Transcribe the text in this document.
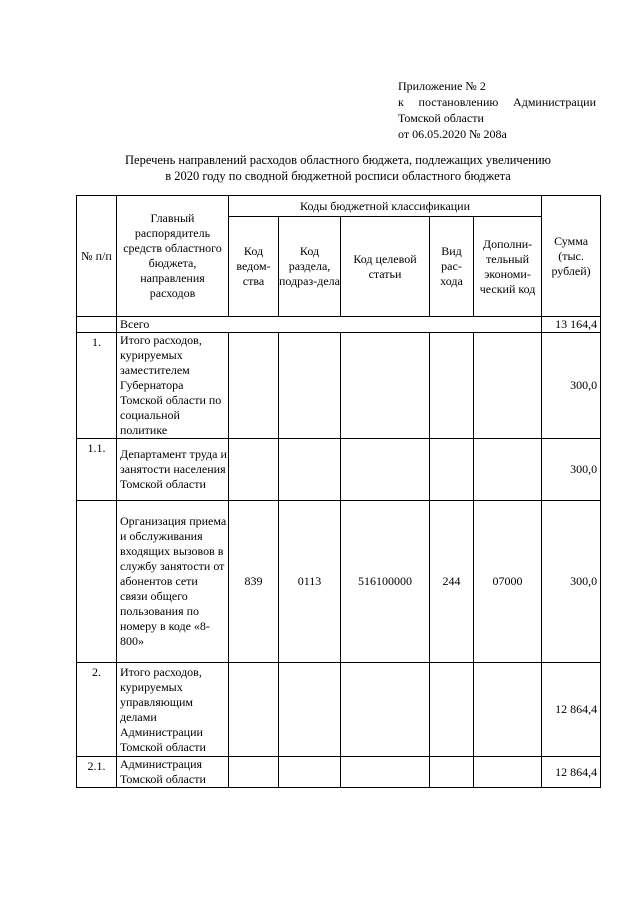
Приложение № 2
к постановлению Администрации
Томской области
от 06.05.2020 № 208а
Перечень направлений расходов областного бюджета, подлежащих увеличению
в 2020 году по сводной бюджетной росписи областного бюджета
№ п/п	Главный распорядитель средств областного бюджета, направления расходов	Коды бюджетной классификации					Сумма (тыс. рублей)
		Код ведом-ства	Код раздела, подраз-дела	Код целевой статьи	Вид рас-хода	Дополни-тельный экономи-ческий код	
	Всего						13 164,4
1.	Итого расходов, курируемых заместителем Губернатора Томской области по социальной политике						300,0
1.1.	Департамент труда и занятости населения Томской области						300,0
	Организация приема и обслуживания входящих вызовов в службу занятости от абонентов сети связи общего пользования по номеру в коде «8-800»	839	0113	516100000	244	07000	300,0
2.	Итого расходов, курируемых управляющим делами Администрации Томской области						12 864,4
2.1.	Администрация Томской области						12 864,4
